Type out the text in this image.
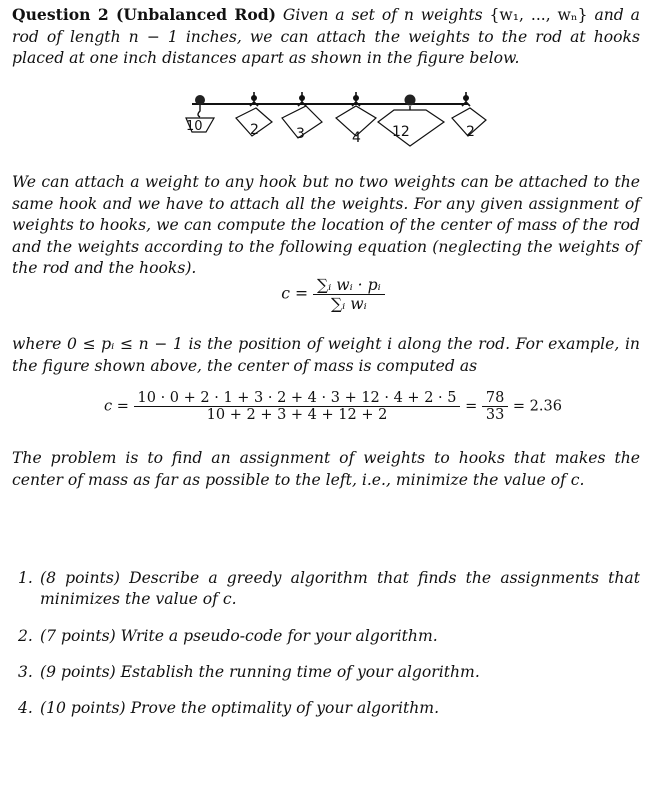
Question 2 (Unbalanced Rod) Given a set of n weights {w₁, ..., wₙ} and a rod of length n − 1 inches, we can attach the weights to the rod at hooks placed at one inch distances apart as shown in the figure below.
10	2	3	4 12	2
We can attach a weight to any hook but no two weights can be attached to the same hook and we have to attach all the weights. For any given assignment of weights to hooks, we can compute the location of the center of mass of the rod and the weights according to the following equation (neglecting the weights of the rod and the hooks).
$c = \frac{\text{∑ᵢ wᵢ · pᵢ}}{\text{∑ᵢ wᵢ}}$
where 0 ≤ pᵢ ≤ n − 1 is the position of weight i along the rod. For example, in the figure shown above, the center of mass is computed as
$c = \frac{10 \cdot 0 + 2 \cdot 1 + 3 \cdot 2 + 4 \cdot 3 + 12 \cdot 4 + 2 \cdot 5}{10 + 2 + 3 + 4 + 12 + 2} = \frac{78}{33} = 2.36$
The problem is to find an assignment of weights to hooks that makes the center of mass as far as possible to the left, i.e., minimize the value of c.
1. (8 points) Describe a greedy algorithm that finds the assignments that minimizes the value of c.
2. (7 points) Write a pseudo-code for your algorithm.
3. (9 points) Establish the running time of your algorithm.
4. (10 points) Prove the optimality of your algorithm.
